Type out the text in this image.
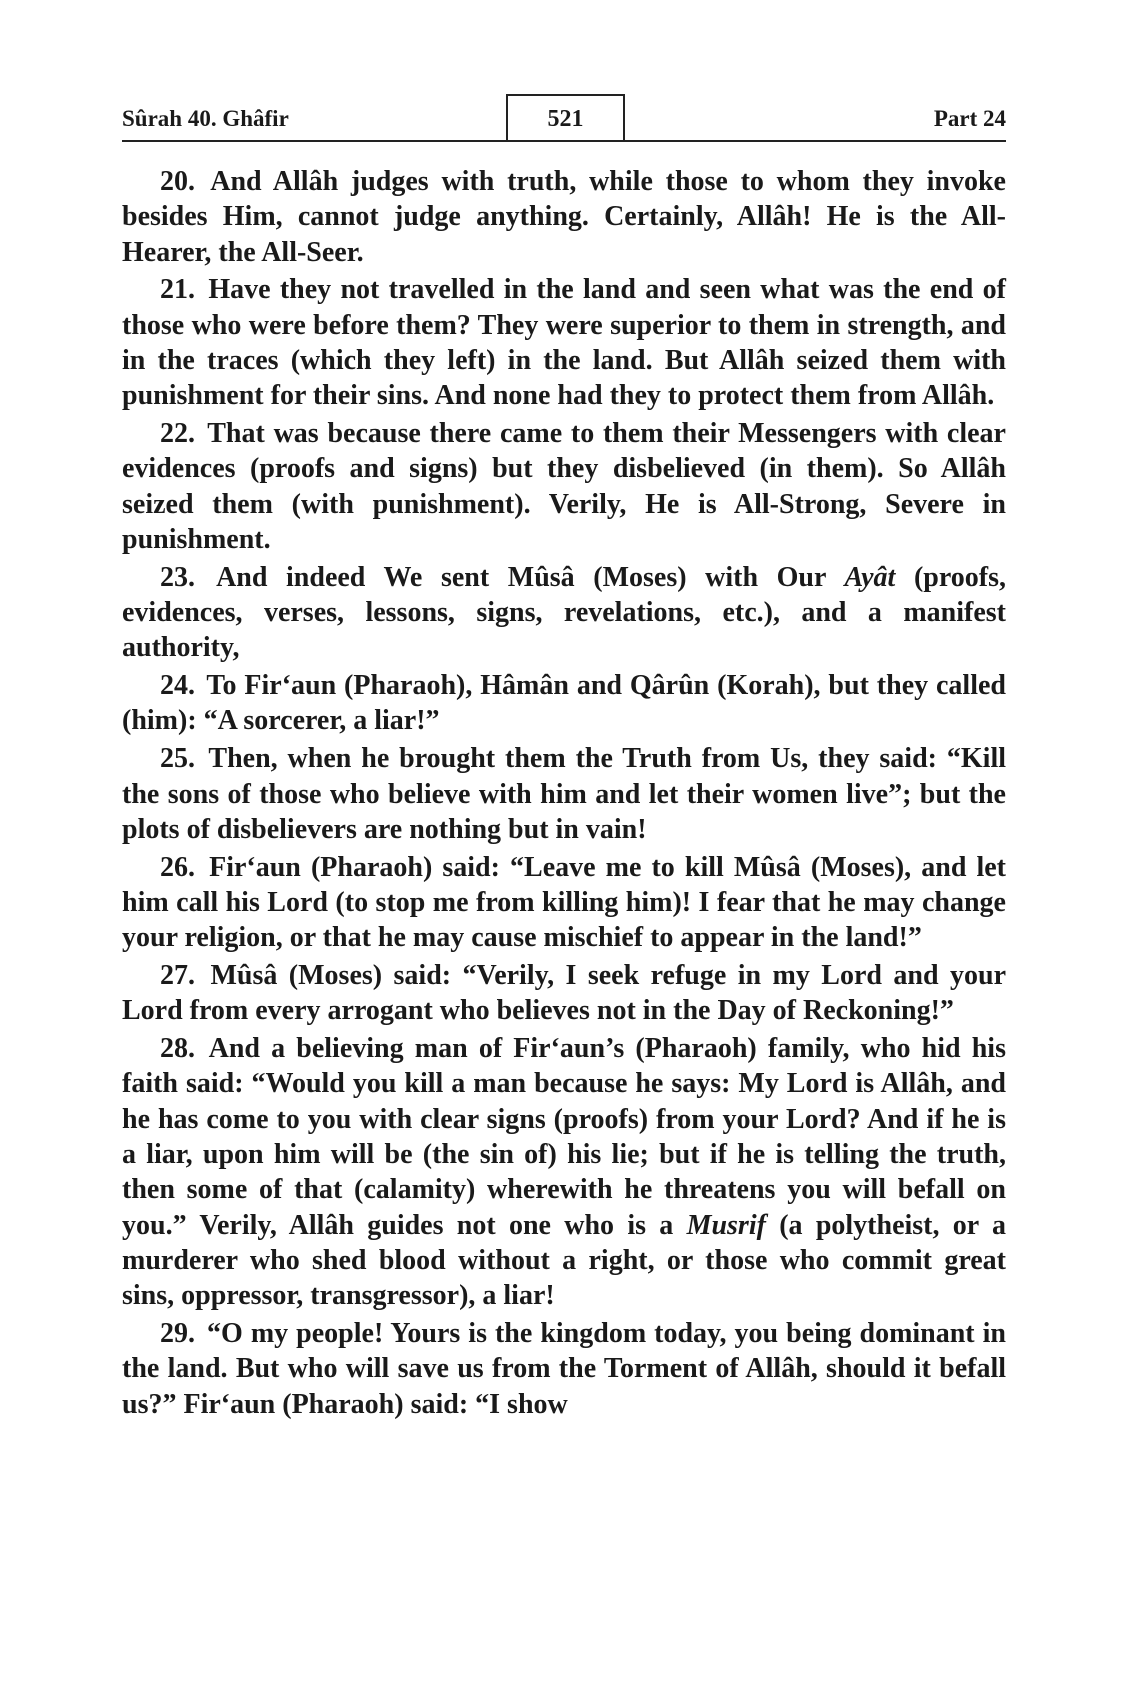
Sûrah 40. Ghâfir	521	Part 24

20. And Allâh judges with truth, while those to whom they invoke besides Him, cannot judge anything. Certainly, Allâh! He is the All-Hearer, the All-Seer.

21. Have they not travelled in the land and seen what was the end of those who were before them? They were superior to them in strength, and in the traces (which they left) in the land. But Allâh seized them with punishment for their sins. And none had they to protect them from Allâh.

22. That was because there came to them their Messengers with clear evidences (proofs and signs) but they disbelieved (in them). So Allâh seized them (with punishment). Verily, He is All-Strong, Severe in punishment.

23. And indeed We sent Mûsâ (Moses) with Our Ayât (proofs, evidences, verses, lessons, signs, revelations, etc.), and a manifest authority,

24. To Fir‘aun (Pharaoh), Hâmân and Qârûn (Korah), but they called (him): “A sorcerer, a liar!”

25. Then, when he brought them the Truth from Us, they said: “Kill the sons of those who believe with him and let their women live”; but the plots of disbelievers are nothing but in vain!

26. Fir‘aun (Pharaoh) said: “Leave me to kill Mûsâ (Moses), and let him call his Lord (to stop me from killing him)! I fear that he may change your religion, or that he may cause mischief to appear in the land!”

27. Mûsâ (Moses) said: “Verily, I seek refuge in my Lord and your Lord from every arrogant who believes not in the Day of Reckoning!”

28. And a believing man of Fir‘aun’s (Pharaoh) family, who hid his faith said: “Would you kill a man because he says: My Lord is Allâh, and he has come to you with clear signs (proofs) from your Lord? And if he is a liar, upon him will be (the sin of) his lie; but if he is telling the truth, then some of that (calamity) wherewith he threatens you will befall on you.” Verily, Allâh guides not one who is a Musrif (a polytheist, or a murderer who shed blood without a right, or those who commit great sins, oppressor, transgressor), a liar!

29. “O my people! Yours is the kingdom today, you being dominant in the land. But who will save us from the Torment of Allâh, should it befall us?” Fir‘aun (Pharaoh) said: “I show
